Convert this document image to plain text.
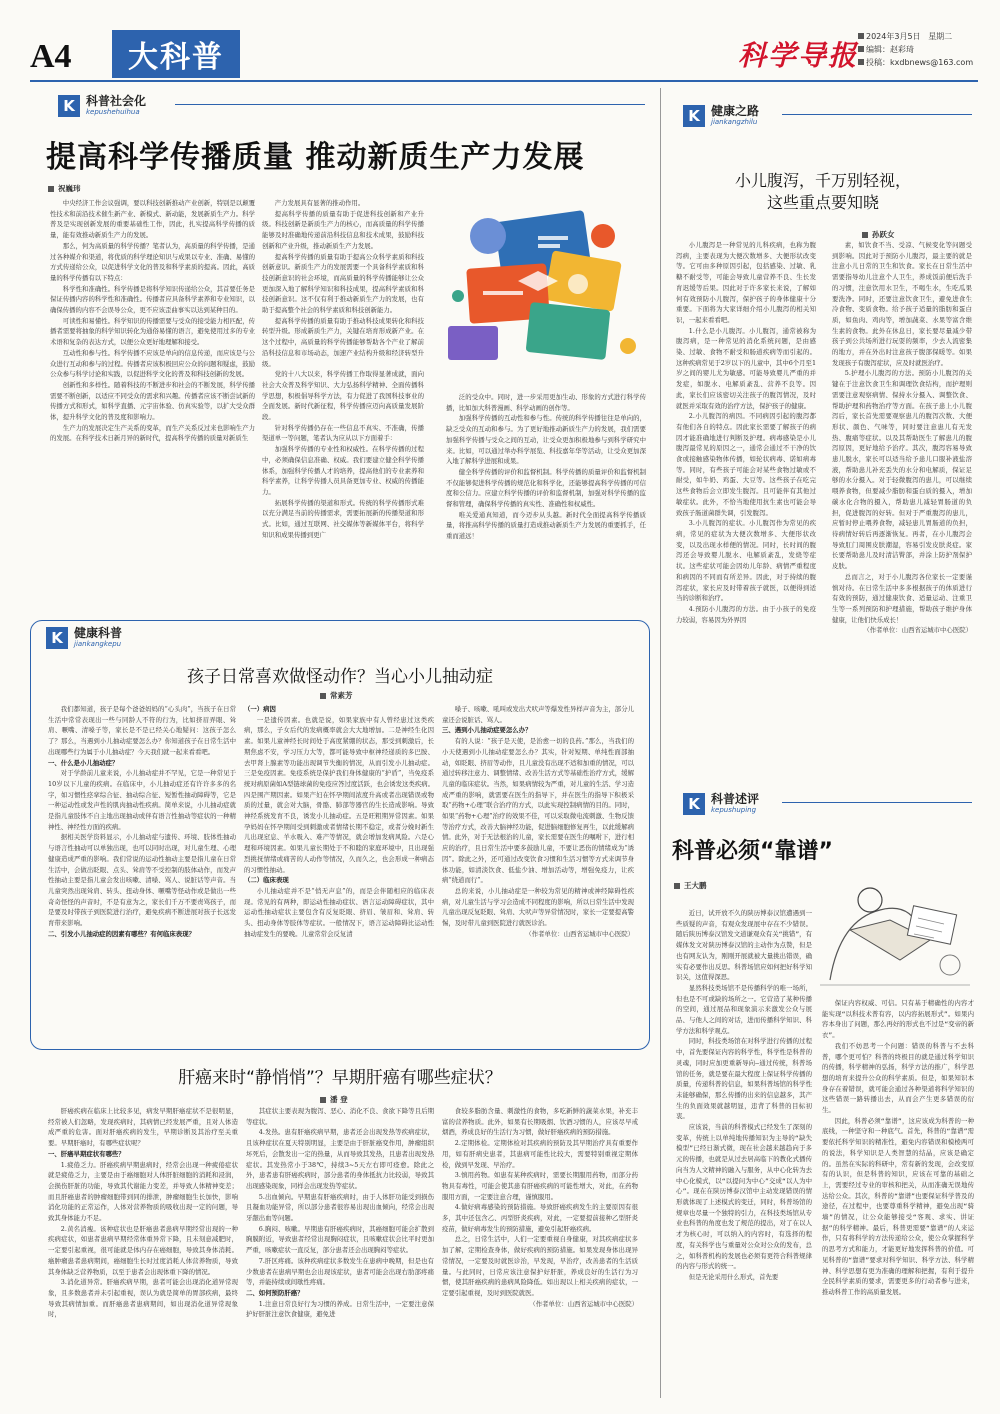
A4 大科普	科学导报
2024年3月5日 星期二
编辑：赵彩琦
投稿：kxdbnews@163.com
K 科普社会化
kepushehuihua
提高科学传播质量 推动新质生产力发展
祝巍玮

中央经济工作会议强调，要以科技创新推动产业创新，特别是以颠覆性技术和前沿技术催生新产业、新模式、新动能，发展新质生产力。科学普及是实现创新发展的重要基础性工作，因此，扎实提高科学传播的质量，能有效推动新质生产力的发展。

那么，何为高质量的科学传播？笔者认为，高质量的科学传播，是通过各种媒介和渠道，将优质的科学理论知识与成果以专业、准确、易懂的方式传递给公众，以促进科学文化的普及和科学素质的提高。因此，高质量的科学传播有以下特点：

科学性和准确性。科学传播是将科学知识传递给公众，其首要任务是保证传播内容的科学性和准确性。传播者应具备科学素养和专业知识，以确保传播的内容不会误导公众，更不应该歪曲事实以达到某种目的。

可读性和易懂性。科学知识的传播需要与受众的接受能力相匹配，传播者需要将抽象的科学知识转化为通俗易懂的语言，避免使用过多的专业术语和复杂的表达方式，以便公众更好地理解和接受。

互动性和参与性。科学传播不应该是单向的信息传递，而应该是与公众进行互动和参与的过程。传播者应该积极回应公众的问题和疑虑，鼓励公众参与科学讨论和实践，以促进科学文化的普及和科技创新的发展。

创新性和多样性。随着科技的不断进步和社会的不断发展，科学传播需要不断创新，以适应不同受众的需求和兴趣。传播者应该不断尝试新的传播方式和形式，如科学直播、元宇宙体验、仿真实验等，以扩大受众群体，提升科学文化的普及度和影响力。

生产力的发展决定生产关系的变革，而生产关系反过来也影响生产力的发展。在科学技术日新月异的新时代，提高科学传播的质量对新质生

产力发展具有显著的推动作用。

提高科学传播的质量有助于促进科技创新和产业升级。科技创新是新质生产力的核心，而高质量的科学传播能够及时准确地传递前沿科技信息和技术成果，鼓励科技创新和产业升级，推动新质生产力发展。

提高科学传播的质量有助于提高公众科学素质和科技创新意识。新质生产力的发展需要一个具备科学素质和科技创新意识的社会环境，而高质量的科学传播能够让公众更加深入地了解科学知识和科技成果，提高科学素质和科技创新意识。这不仅有利于推动新质生产力的发展，也有助于提高整个社会的科学素质和科技创新能力。

提高科学传播的质量有助于推动科技成果转化和科技转型升级。形成新质生产力，关键在培育形成新产业。在这个过程中，高质量的科学传播能够帮助各个产业了解前沿科技信息和市场动态，加速产业结构升级和经济转型升级。

党的十八大以来，科学传播工作取得显著成就，面向社会大众普及科学知识、大力弘扬科学精神、全面传播科学思想，积极倡导科学方法，有力促进了我国科技事业的全面发展。新时代新征程，科学传播应迈向高质量发展阶段。

针对科学传播仍存在一些信息不真实、不准确，传播渠道单一等问题，笔者认为应从以下方面着手：

加强科学传播的专业性和权威性。在科学传播的过程中，必须确保信息准确、权威。我们要建立健全科学传播体系，加强科学传播人才的培养，提高他们的专业素养和科学素养，让科学传播人员具备更加专业、权威的传播能力。

拓展科学传播的渠道和形式。传统的科学传播形式难以充分满足当前的传播需求，需要拓展新的传播渠道和形式。比如，通过互联网、社交媒体等新媒体平台，将科学知识和成果传播到更广

泛的受众中。同时，进一步采用更加生动、形象的方式进行科学传播，比如加大科普漫画、科学动画的创作等。

加强科学传播的互动性和参与性。传统的科学传播往往是单向的，缺乏受众的互动和参与。为了更好地推动新质生产力的发展，我们需要加强科学传播与受众之间的互动，让受众更加积极地参与到科学研究中来。比如，可以通过举办科学展览、科技嘉年华等活动，让受众更加深入地了解科学进展和成果。

健全科学传播的评价和监督机制。科学传播的质量评价和监督机制不仅能够促进科学传播的规范化和科学化，还能够提高科学传播的可信度和公信力。应建立科学传播的评价和监督机制，加强对科学传播的监督和管理，确保科学传播的真实性、准确性和权威性。

唯关爱通真知道，而今迈步从头越。新时代全面提高科学传播质量，将推高科学传播的质量打造成推动新质生产力发展的重要抓手，任重而道远！

K 健康之路
jiankangzhilu
小儿腹泻，千万别轻视，
这些重点要知晓
孙跃女

小儿腹泻是一种常见的儿科疾病，也称为腹泻病，主要表现为大便次数增多、大便形状改变等。它可由多种原因引起，包括感染、过敏、乳糖不耐受等，可能会导致儿童营养不良、生长发育迟缓等后果。因此对于许多家长来说，了解如何有效预防小儿腹泻，保护孩子的身体健康十分重要。下面将为大家详细介绍小儿腹泻的相关知识，一起来看看吧。

1.什么是小儿腹泻。小儿腹泻，通常被称为腹泻病，是一种常见的消化系统问题，是由感染、过敏、食物不耐受和肠道疾病等而引起的。这种疾病常见于2岁以下的儿童中，其中6个月至1岁之间的婴儿尤为敏感。可能导致婴儿严重的并发症，如脱水、电解质紊乱、营养不良等。因此，家长们应该密切关注孩子的腹泻情况，及时就医并采取有效的治疗方法，保护孩子的健康。

2.小儿腹泻的病因。不同病因引起的腹泻都有他们各自的特点。因此家长需要了解孩子的病因才能准确地进行判断及护理。病毒感染是小儿腹泻最常见的原因之一，通常会通过不干净的饮食或接触感染物体传播，如轮状病毒、诺如病毒等。同时，有些孩子可能会对某些食物过敏或不耐受，如牛奶、鸡蛋、大豆等。这些孩子在吃完这些食物后会立即发生腹泻。且可能伴有其他过敏症状。此外，不恰当地使用抗生素也可能会导致孩子肠道菌群失调，引发腹泻。

3.小儿腹泻的症状。小儿腹泻作为常见的疾病，常见的症状为大便次数增多、大便形状改变，以及出现水样便的情况。同时，长时间的腹泻还会导致婴儿脱水、电解质紊乱，发烧等症状。这些症状可能会因幼儿年龄、病情严重程度和病因的不同而有所差异。因此，对于持续的腹泻症状，家长应及时带着孩子就医，以便得到适当的诊断和治疗。

4.预防小儿腹泻的方法。由于小孩子的免疫力较弱，容易因为外界因

素，如饮食不当、受凉、气候变化等问题受到影响。因此对于预防小儿腹泻，最主要的就是注意小儿日常的卫生和饮食。家长在日常生活中需要指导幼儿注意个人卫生，养成饭前便后洗手的习惯，注意饮用水卫生，不喝生水，生吃瓜果要洗净。同时，还要注意饮食卫生，避免进食生冷食物、变质食物。给予孩子适量的脂肪和蛋白质，如鱼肉、鸡肉等，增加蔬菜、水果等富含维生素的食物。此外在休息日，家长要尽量减少带孩子到公共场所进行玩耍的频率，少去人流密集的地方，并在外出时注意孩子腹部保暖等。如果发现孩子有腹泻症状，应及时就医治疗。

5.护理小儿腹泻的方法。预防小儿腹泻的关键在于注意饮食卫生和调理饮食结构，而护理则需要注意观察病情、保持水分摄入、调整饮食、帮助护理和药物治疗等方面。在孩子患上小儿腹泻后，家长首先需要观察患儿的腹泻次数、大便形状、颜色、气味等，同时要注意患儿有无发热、腹痛等症状。以及其帮助医生了解患儿的腹泻原因，更好地给予治疗。其次，腹泻容易导致患儿脱水，家长可以适当给予患儿口服补液盐溶液，帮助患儿补充丢失的水分和电解质，保证足够的水分摄入。对于轻微腹泻的患儿，可以继续喂养食物，但要减少脂肪和蛋白质的摄入，增加碳水化合物的摄入，帮助患儿减轻胃肠道的负担，促进腹泻的好转。但对于严重腹泻的患儿，应暂时停止喂养食物，减轻患儿胃肠道的负担，待病情好转后再逐渐恢复。再者，在小儿腹泻会导致肛门周围皮肤潮湿，容易引发皮肤炎症。家长要帮助患儿及时清洁臀部，并涂上防护剂保护皮肤。

总而言之，对于小儿腹泻各位家长一定要谨慎对待。在日常生活中多多根据孩子的体质进行有效的预防，通过健康饮食、适量运动、注重卫生等一系列预防和护理措施，帮助孩子维护身体健康，让他们快乐成长！

（作者单位：山西省运城市中心医院）

K 健康科普
jiankangkepu
孩子日常喜欢做怪动作？当心小儿抽动症
常素芳

我们都知道，孩子是每个爸爸妈妈的“心头肉”，当孩子在日常生活中常常表现出一些与同龄人不符的行为，比如挤眉弄眼、耸肩、噘嘴、清嗓子等，家长是不是已经关心地疑问：这孩子怎么了？那么，当遇到小儿抽动症要怎么办？你知道孩子在日常生活中出现哪些行为属于小儿抽动症？今天我们就一起来看看吧。

一、什么是小儿抽动症？

对于学龄前儿童来说，小儿抽动症并不罕见，它是一种常见于10岁以下儿童的疾病。在临床中，小儿抽动症还有许许多多的名字，如习惯性痉挛综合征、抽动综合征、短暂性抽动障碍等，它是一种运动性或发声性的肌肉抽动性疾病。简单来说，小儿抽动症就是指儿童肢体不自主地出现抽动或伴有语言性抽动等症状的一种精神性、神经性方面的疾病。

据相关医学资料显示，小儿抽动症与遗传、环境、肢体性抽动与语言性抽动可以单独出现，也可以同时出现，对儿童生理、心理健康造成严重的影响。我们常说的运动性抽动主要是指儿童在日常生活中，会做出眨眼、点头、耸肩等不受控制的肢体动作，而发声性抽动主要是指儿童会发出咳嗽、清嗓、骂人、说脏话等声音。当儿童突然出现耸肩、转头、扭动身体、噘嘴等怪动作或是做出一些奇奇怪怪的声音时，不是有意为之，家长们千万不要责骂孩子，而是要及时带孩子到医院进行治疗，避免疾病不断进展对孩子长远发育带来影响。

二、引发小儿抽动症的因素有哪些？有何临床表现？

（一）病因

一是遗传因素。也就是说，如果家族中有人曾经患过这类疾病，那么，子女后代的发病概率就会大大地增加。二是神经生化因素。如果儿童神经长时间处于高度紧绷的状态，那受到刺激后，长期焦虑不安，学习压力大等，都可能导致中枢神经递质的多巴胺、去甲肾上腺素等功能出现调节失衡的情况，从而引发小儿抽动症。三是免疫因素。免疫系统是保护我们身体健康的“护盾”，当免疫系统对病原菌如A型链球菌的免疫应答过度活跃，也会诱发这类疾病。四是围产期因素。如果产妇在怀孕期间浓度升高或者出现错误或物质的过量，就会对大脑，骨骼、肺部等器官的生长造成影响。导致神经系统发育不良，诱发小儿抽动症。五是旺粗期异常因素。如果孕妈妈在怀孕期间受到刺激或者情绪长期不稳定，或者分娩时新生儿出现窒息、羊水吸入、难产等情况，就会增加发病风险。六是心理和环境因素。如果儿童长期处于不和睦的家庭环境中，且出现强烈挑抚情绪或痛苦的人动作等情况，久而久之，也会形成一种病态的习惯性抽动。

（二）临床表现

小儿抽动症并不是“悄无声息”的，而是会伴随相应的临床表现。常见的有两种，即运动性抽动症状、语言运动障碍症状，其中运动性抽动症状主要包含有反复眨眼、挤眉、皱眉和、耸肩、转头、扭动身体等肢体等症状。一般情况下，语言运动障碍比运动性抽动症发生的要晚。儿童常常会反复清

嗓子、咳嗽、吼叫或发出犬吠声等爆发性异样声音为主，部分儿童还会说脏话、骂人。

三、遇到小儿抽动症要怎么办？

有的人说：“孩子是天使，是治愈一切的良药。”那么，当我们的小天使遇到小儿抽动症要怎么办？其实，针对短期、单纯性面部抽动，如眨眼、挤眉等动作，且儿童没有出现不适和加重的情况，可以通过转移注意力、调整情绪、改善生活方式等基础性治疗方式，缓解儿童的临床症状。当然，如果病情较为严重，对儿童的生活、学习造成严重的影响，就需要在医生的指导下，并在医生的指导下积极采取“药物+心理”联合治疗的方式，以此实现控制病情的目的。同时，如果“药物+心理”治疗的效果不佳，可以采取微电流刺激、生物反馈等治疗方式，改善大脑神经功能，促进脑细胞修复再生，以此缓解病情。此外，对于无法根治的儿童，家长需要在医生的嘱咐下，进行相应的治疗，且日常生活中要多鼓励儿童，不要让恶伤的情绪成为“诱因”。除此之外，还可通过改变饮食习惯和生活习惯等方式来调节身体功能，如清淡饮食、低盐少油、增加活动等，增强免疫力，让疾病“绕道而行”。

总的来说，小儿抽动症是一种较为常见的精神或神经障碍性疾病，对儿童生活与学习会造成不同程度的影响，所以日常生活中发现儿童出现反复眨眼、耸肩、大吠声等异常情况时，家长一定要提高警惕，及时带儿童到医院进行就医诊治。

（作者单位：山西省运城市中心医院）

肝癌来时“静悄悄”？早期肝癌有哪些症状？
潘 登

肝癌疾病在临床上比较多见，病发早期肝癌症状不是很明显，经常被人们忽略，发现疾病时，其病情已经发展严重，且对人体造成严重的危害。面对肝癌疾病的发生，早期诊断及其治疗至关重要。早期肝癌时，有哪些症状呢？

一、肝癌早期症状有哪些？

1.疲倦乏力。肝癌疾病早期患病时，经常会出现一种疲倦症状就是疲倦乏力，主要是由于癌细胞对人体肝脏细胞的消耗和浸润，会损伤肝脏的功能，导致其代谢能力变差，并导致人体精神变差；而且肝癌患者的肿瘤细胞带到同的排泄，肿瘤细胞生长加快，影响消化功能的正常运作，人体对营养物质的吸收出现一定的问题，导致其身体能力不足。

2.黄名消瘦。该种症状也是肝癌患者患病早期经常出现的一种疾病症状，如患者患病早期经常体重异常下降，且未刻意减肥时，一定要引起重视，很可能就是体内存在癌细胞，导致其身体消耗。癌肿瘤患者患病期间，癌细胞生长时过度消耗人体营养物质，导致其身体缺乏营养物质，以至于患者会出现体重下降的情况。

3.消化道异常。肝癌疾病早期，患者可能会出现消化道异常现象，且多数患者并未引起重视，误认为就是简单的胃部疾病，最终导致其病情加重。而肝癌患者患病期间，如出现消化道异常现象时，

其症状主要表现为腹泻、恶心、消化不良、食欲下降等且后期等症状。

4.发热。患有肝癌疾病早期，患者还会出现发热等疾病症状，且该种症状在夏天特别明显，主要是由于肝脏癌变作用，肿瘤组织坏死后，会散发出一定的热量，从而导致其发热，且患者出现发热症状。其发热常小于38℃，持续3~5天左右即可痊愈。除此之外，患者患有肝癌疾病时，部分患者的身体抵抗力比较弱，导致其出现感染现象，同样会出现发热等症状。

5.出血倾向。早期患有肝癌疾病时，由于人体肝功能受到损伤且凝血功能异常，所以部分患者很容易出现出血倾向，经常会出现牙龈出血等问题。

6.胸闷、咳嗽。早期患有肝癌疾病时，其癌细胞可能会扩散到胸膜附近，导致患者经常出现胸闷症状，且咳嗽症状会比平时更加严重，咳嗽症状一直反复，部分患者还会出现胸闷等症状。

7.肝区疼痛。该种疾病症状多数发生在患病中晚期，但是也有少数患者在患病早期也会出现该症状，患者可能会出现右肋部疼痛等，并能持续或间歇性疼痛。

二、如何预防肝癌？

1.注意日常良好行为习惯的养成。日常生活中，一定要注意保护好肝脏注意饮食健康，避免进

食较多脂肪含量、刺激性的食物，多吃新鲜的蔬菜水果，补充丰富的营养物质。此外，如果有长期吸烟、饮酒习惯的人，应该尽早戒烟酒，养成良好的生活行为习惯，做好肝癌疾病的预防措施。

2.定期体检。定期体检对其疾病的预防及其早期治疗具有重要作用，如有肝病史患者，其患病可能性比较大，需要特别重视定期体检，做到早发现、早治疗。

3.慎用药物。如患有某种疾病时，需要长期服用药物，而部分药物具有毒性，可能会使其患有肝癌疾病的可能性增大，对此，在药物服用方面，一定要注意合理，谨慎服用。

4.做好病毒感染的预防措施。导致肝癌疾病发生的主要原因有很多，其中还包含乙、丙型肝炎疾病，对此，一定要提前接种乙型肝炎疫苗，做好病毒发生的预防措施，避免引起肝癌疾病。

总之，日常生活中，人们一定要重视自身健康，对其疾病症状多加了解，定期检查身体，做好疾病的预防措施。如果发现身体出现异常情况，一定要及时就医诊治，早发现，早治疗，改善患者的生活质量。与此同时，日常应该注意保护好肝脏，养成良好的生活行为习惯，使其肝癌疾病的患病风险降低。如出现以上相关疾病的症状，一定要引起重视，及时到医院就医。

（作者单位：山西省运城市中心医院）

K 科普述评
kepushuping
科普必须“靠谱”
王大鹏

近日，试开放不久的陕历博泰汉馆遭遇到一些质疑的声音，有观众发现展中存在不少错误。随后陕历博泰汉馆发文道谦观众有关“挑错”，有媒体发文对陕历博泰汉馆的主动作为点赞，但是也有网友认为，刚刚开展就被大量挑出错误，确实有必要作出反思。科普场馆应如何把好科学知识关，这值得深思。

显然科技类场馆不是传播科学的唯一场所，但也是不可或缺的场所之一。它营造了某种传播的空间，通过展品和现象演示来激发公众与展品、与他人之间的对话，进而传播科学知识、科学方法和科学观点。

同时，科技类场馆在对科学进行传播的过程中，首先要保证内容的科学性，科学性是科普的灵魂，同时应加更重新导向—通过传统，科普场馆的任务，就是要在最大程度上保证科学传播的质量，传递科普的信息，如果科普场馆的科学性未能够确保，那么传播的出来的信息越多，其产生的负面效果就越明显，违背了科普的目标初衷。

应该说，当前的科普模式已经发生了深刻的变革，传统上以单纯地传播知识为主导的“缺失模型”已经日渐式微，现在社会越来越趋向于多元的传播，也就是从过去居高临下的教化式播传向当为人文精神的融入与服务，从中心化转为去中心化模式，以“以提问为中心”交成“以人为中心”。现在在陕历博泰汉馆中主动发现错误的情形就体现了上述模式的变迁，同时，科普场馆的规章也尽量一个独特的引力，在科技类场馆从专业也科普的角度也发了规范的提出，对了在以人才为核心时，可以纳入的内容时，有选择的程度，有关科学也与重量对公众对公众的发布，总之，如科普机构的发展也必须有更符合科普规律的内容与形式的统一。

但是无论采用什么形式，首先要

保证内容权威、可信。只有基于精确性的内容才能实现“以科技术普有容，以内容拓展形式”。如果内容本身出了问题，那么再好的形式也不过是“变帝的新衣”。

我们不妨思考一个问题：错误的科普与不去科普，哪个更可怕？科普的终极目的就是通过科学知识的传播，科学精神的弘扬，科学方法的推广，科学思想的培育来提升公众的科学素质。但是，如果知识本身存在着错误，就可能会通过各种渠道将科学知识的这些错误一路转播出去，从而会产生更多错误的衍生。

因此，科普必须“靠谱”，这应该成为科普的一种底线，一种坚守和一种底气。首先，科普的“靠谱”需要依托科学知识的精准性，避免内容错误和模棱两可的说法，科学知识是人类智慧的结晶，应该是确定的。虽然在实际的科研中，常有新的发现，会改变原有的认识，但是科普的知识，应该在可靠的基础之上，需要经过专业的审核和把关，从而准确无误地传达给公众。其次，科普的“靠谱”也要保证科学普及的途径，在过程中，也要尊重科学精神，避免出现“骑墙”的情况，让公众能够接受“客观、求实、讲证据”的科学精神。最后，科普更需要“靠谱”的人来运作，只有将科学的方法传递给公众，使公众掌握科学的思考方式和能力，才能更好地发挥科普的价值。可见科普的“靠谱”要求对科学知识、科学方法、科学精神、科学思想有更为准确的理解和把握，有利于提升全民科学素质的要求，需要更多的行动者参与进来，推动科普工作的高质量发展。
